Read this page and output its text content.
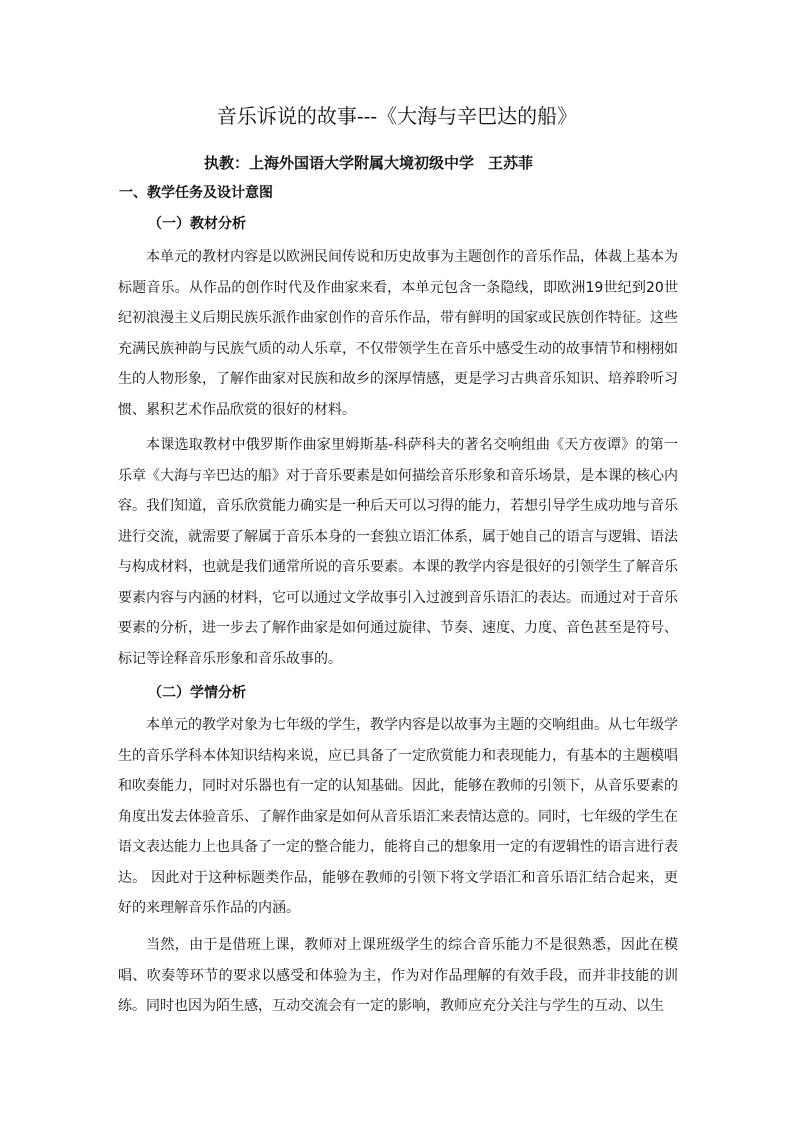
音乐诉说的故事---《大海与辛巴达的船》
执教：上海外国语大学附属大境初级中学 王苏菲
一、教学任务及设计意图
（一）教材分析

本单元的教材内容是以欧洲民间传说和历史故事为主题创作的音乐作品，体裁上基本为标题音乐。从作品的创作时代及作曲家来看，本单元包含一条隐线，即欧洲19世纪到20世纪初浪漫主义后期民族乐派作曲家创作的音乐作品，带有鲜明的国家或民族创作特征。这些充满民族神韵与民族气质的动人乐章，不仅带领学生在音乐中感受生动的故事情节和栩栩如生的人物形象，了解作曲家对民族和故乡的深厚情感，更是学习古典音乐知识、培养聆听习惯、累积艺术作品欣赏的很好的材料。

本课选取教材中俄罗斯作曲家里姆斯基-科萨科夫的著名交响组曲《天方夜谭》的第一乐章《大海与辛巴达的船》对于音乐要素是如何描绘音乐形象和音乐场景，是本课的核心内容。我们知道，音乐欣赏能力确实是一种后天可以习得的能力，若想引导学生成功地与音乐进行交流，就需要了解属于音乐本身的一套独立语汇体系，属于她自己的语言与逻辑、语法与构成材料，也就是我们通常所说的音乐要素。本课的教学内容是很好的引领学生了解音乐要素内容与内涵的材料，它可以通过文学故事引入过渡到音乐语汇的表达。而通过对于音乐要素的分析，进一步去了解作曲家是如何通过旋律、节奏、速度、力度、音色甚至是符号、标记等诠释音乐形象和音乐故事的。

（二）学情分析

本单元的教学对象为七年级的学生，教学内容是以故事为主题的交响组曲。从七年级学生的音乐学科本体知识结构来说，应已具备了一定欣赏能力和表现能力，有基本的主题模唱和吹奏能力，同时对乐器也有一定的认知基础。因此，能够在教师的引领下，从音乐要素的角度出发去体验音乐、了解作曲家是如何从音乐语汇来表情达意的。同时，七年级的学生在语文表达能力上也具备了一定的整合能力，能将自己的想象用一定的有逻辑性的语言进行表达。 因此对于这种标题类作品，能够在教师的引领下将文学语汇和音乐语汇结合起来，更好的来理解音乐作品的内涵。

当然，由于是借班上课，教师对上课班级学生的综合音乐能力不是很熟悉，因此在模唱、吹奏等环节的要求以感受和体验为主，作为对作品理解的有效手段，而并非技能的训练。同时也因为陌生感，互动交流会有一定的影响，教师应充分关注与学生的互动、以生
